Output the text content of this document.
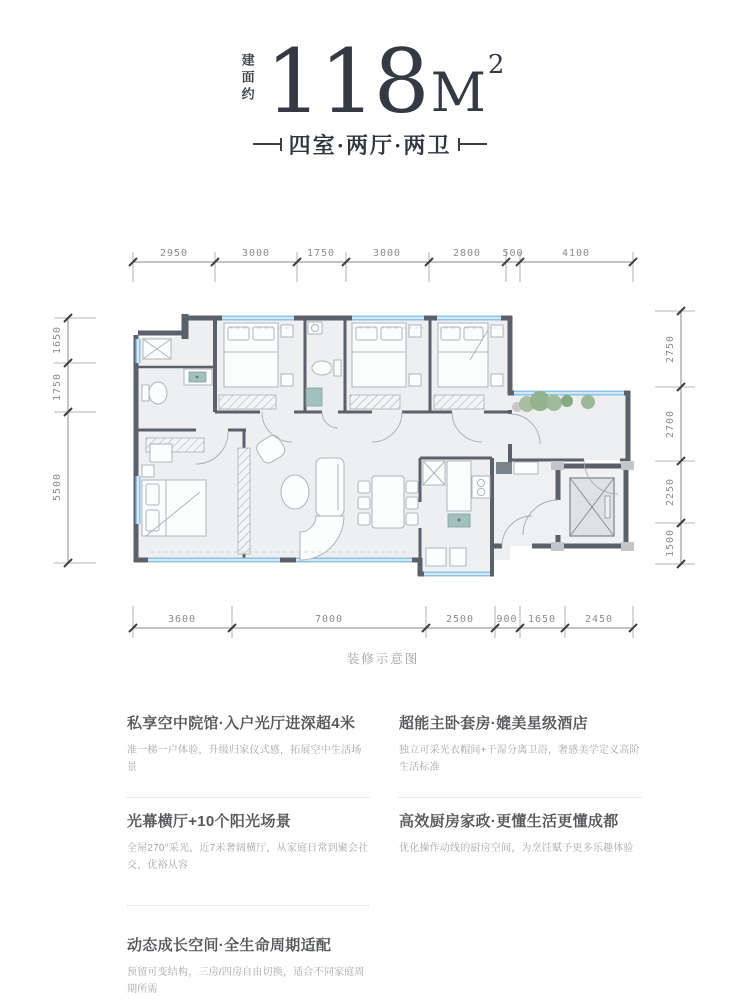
建面约 118 M 2
四室·两厅·两卫
2950	3000	1750	3000	2800 500	4100
3600	7000	2500 900 1650	2450
1650
1750
5500
2750
2700
2250
1500
装修示意图
私享空中院馆·入户光厅进深超4米

准一梯一户体验，升级归家仪式感，拓展空中生活场景

超能主卧套房·媲美星级酒店

独立可采光衣帽间+干湿分离卫浴，奢感美学定义高阶生活标准

光幕横厅+10个阳光场景

全屋270°采光，近7米奢阔横厅，从家庭日常到聚会社交，优裕从容

高效厨房家政·更懂生活更懂成都

优化操作动线的厨房空间，为烹饪赋予更多乐趣体验

动态成长空间·全生命周期适配

预留可变结构，三房/四房自由切换，适合不同家庭周期所需
